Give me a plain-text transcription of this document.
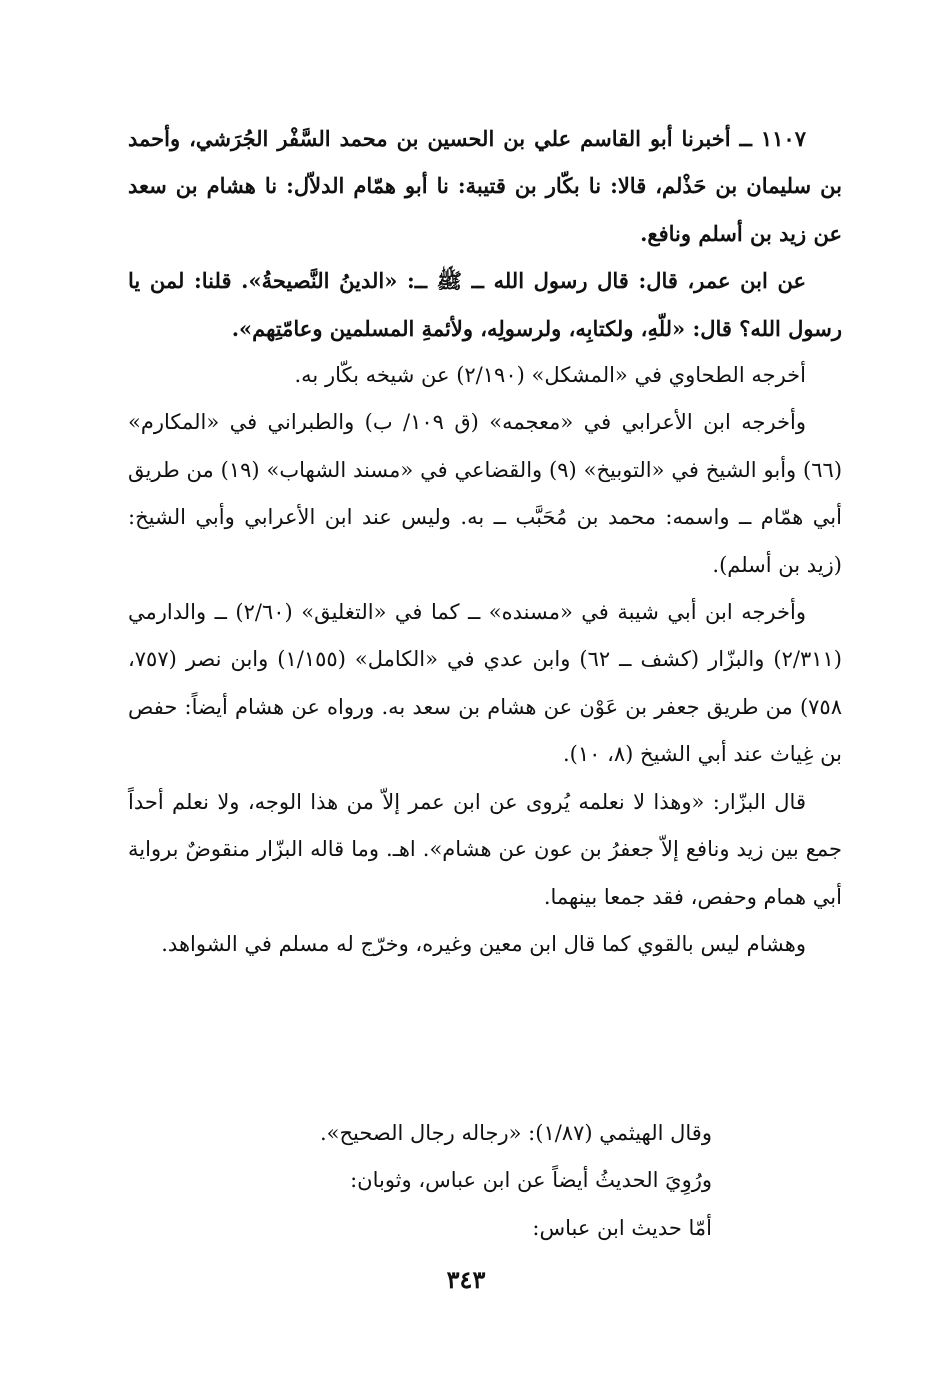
١١٠٧ ــ أخبرنا أبو القاسم علي بن الحسين بن محمد السَّفْر الجُرَشي، وأحمد بن سليمان بن حَذْلم، قالا: نا بكّار بن قتيبة: نا أبو همّام الدلاّل: نا هشام بن سعد عن زيد بن أسلم ونافع.

عن ابن عمر، قال: قال رسول الله ــ ﷺ ــ: «الدينُ النَّصيحةُ». قلنا: لمن يا رسول الله؟ قال: «للّهِ، ولكتابِه، ولرسولِه، ولأئمةِ المسلمين وعامّتِهم».

أخرجه الطحاوي في «المشكل» (٢/١٩٠) عن شيخه بكّار به.

وأخرجه ابن الأعرابي في «معجمه» (ق ١٠٩/ ب) والطبراني في «المكارم» (٦٦) وأبو الشيخ في «التوبيخ» (٩) والقضاعي في «مسند الشهاب» (١٩) من طريق أبي همّام ــ واسمه: محمد بن مُحَبَّب ــ به. وليس عند ابن الأعرابي وأبي الشيخ: (زيد بن أسلم).

وأخرجه ابن أبي شيبة في «مسنده» ــ كما في «التغليق» (٢/٦٠) ــ والدارمي (٢/٣١١) والبزّار (كشف ــ ٦٢) وابن عدي في «الكامل» (١/١٥٥) وابن نصر (٧٥٧، ٧٥٨) من طريق جعفر بن عَوْن عن هشام بن سعد به. ورواه عن هشام أيضاً: حفص بن غِياث عند أبي الشيخ (٨، ١٠).

قال البزّار: «وهذا لا نعلمه يُروى عن ابن عمر إلاّ من هذا الوجه، ولا نعلم أحداً جمع بين زيد ونافع إلاّ جعفرُ بن عون عن هشام». اهـ. وما قاله البزّار منقوضٌ برواية أبي همام وحفص، فقد جمعا بينهما.

وهشام ليس بالقوي كما قال ابن معين وغيره، وخرّج له مسلم في الشواهد.

وقال الهيثمي (١/٨٧): «رجاله رجال الصحيح».
ورُوِيَ الحديثُ أيضاً عن ابن عباس، وثوبان:
أمّا حديث ابن عباس:
٣٤٣
